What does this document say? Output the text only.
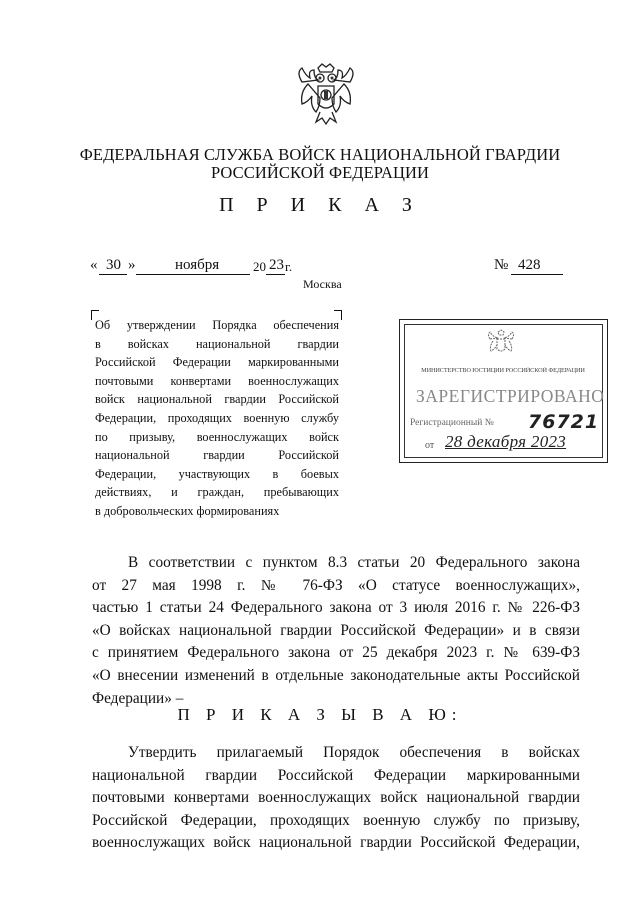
ФЕДЕРАЛЬНАЯ СЛУЖБА ВОЙСК НАЦИОНАЛЬНОЙ ГВАРДИИ
РОССИЙСКОЙ ФЕДЕРАЦИИ
П Р И К А З
« 30 »	ноября	20 23 г.	№ 428
Москва
Об утверждении Порядка обеспечения
в войсках национальной гвардии
Российской Федерации маркированными
почтовыми конвертами военнослужащих
войск национальной гвардии Российской
Федерации, проходящих военную службу
по призыву, военнослужащих войск
национальной гвардии Российской
Федерации, участвующих в боевых
действиях, и граждан, пребывающих
в добровольческих формированиях
МИНИСТЕРСТВО ЮСТИЦИИ РОССИЙСКОЙ ФЕДЕРАЦИИ
ЗАРЕГИСТРИРОВАНО
Регистрационный № 76721
от 28 декабря 2023
В соответствии с пунктом 8.3 статьи 20 Федерального закона
от 27 мая 1998 г. № 76-ФЗ «О статусе военнослужащих»,
частью 1 статьи 24 Федерального закона от 3 июля 2016 г. № 226-ФЗ
«О войсках национальной гвардии Российской Федерации» и в связи
с принятием Федерального закона от 25 декабря 2023 г. № 639-ФЗ
«О внесении изменений в отдельные законодательные акты Российской
Федерации» –
П Р И К А З Ы В А Ю:
Утвердить прилагаемый Порядок обеспечения в войсках
национальной гвардии Российской Федерации маркированными
почтовыми конвертами военнослужащих войск национальной гвардии
Российской Федерации, проходящих военную службу по призыву,
военнослужащих войск национальной гвардии Российской Федерации,
